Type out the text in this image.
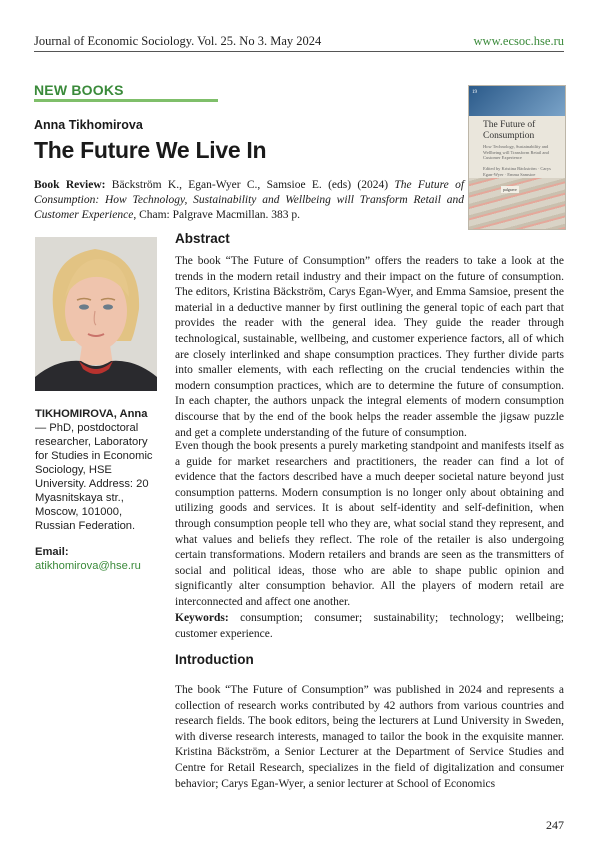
Journal of Economic Sociology. Vol. 25. No 3. May 2024	www.ecsoc.hse.ru
NEW BOOKS
Anna Tikhomirova
The Future We Live In
Book Review: Bäckström K., Egan-Wyer C., Samsioe E. (eds) (2024) The Future of Consumption: How Technology, Sustainability and Wellbeing will Transform Retail and Customer Experience, Cham: Palgrave Macmillan. 383 p.
19
The Future of Consumption
How Technology, Sustainability and Wellbeing will Transform Retail and Customer Experience

Edited by Kristina Bäckström · Carys Egan-Wyer · Emma Samsioe
palgrave
TIKHOMIROVA, Anna — PhD, postdoctoral researcher, Laboratory for Studies in Economic Sociology, HSE University. Address: 20 Myasnitskaya str., Moscow, 101000, Russian Federation.
Email: atikhomirova@hse.ru
Abstract
The book “The Future of Consumption” offers the readers to take a look at the trends in the modern retail industry and their impact on the future of consumption. The editors, Kristina Bäckström, Carys Egan-Wyer, and Emma Samsioe, present the material in a deductive manner by first outlining the general topic of each part that provides the reader with the general idea. They guide the reader through technological, sustainable, wellbeing, and customer experience factors, all of which are closely interlinked and shape consumption practices. They further divide parts into smaller elements, with each reflecting on the crucial tendencies within the modern consumption practices, which are to determine the future of consumption. In each chapter, the authors unpack the integral elements of modern consumption discourse that by the end of the book helps the reader assemble the jigsaw puzzle and get a complete understanding of the future of consumption.
Even though the book presents a purely marketing standpoint and manifests itself as a guide for market researchers and practitioners, the reader can find a lot of evidence that the factors described have a much deeper societal nature beyond just consumption patterns. Modern consumption is no longer only about obtaining and utilizing goods and services. It is about self-identity and self-definition, when through consumption people tell who they are, what social stand they represent, and what values and beliefs they reflect. The role of the retailer is also undergoing certain transformations. Modern retailers and brands are seen as the transmitters of social and political ideas, those who are able to shape public opinion and significantly alter consumption behavior. All the players of modern retail are interconnected and affect one another.
Keywords: consumption; consumer; sustainability; technology; wellbeing; customer experience.
Introduction
The book “The Future of Consumption” was published in 2024 and represents a collection of research works contributed by 42 authors from various countries and research fields. The book editors, being the lecturers at Lund University in Sweden, with diverse research interests, managed to tailor the book in the exquisite manner. Kristina Bäckström, a Senior Lecturer at the Department of Service Studies and Centre for Retail Research, specializes in the field of digitalization and consumer behavior; Carys Egan-Wyer, a senior lecturer at School of Economics
247
